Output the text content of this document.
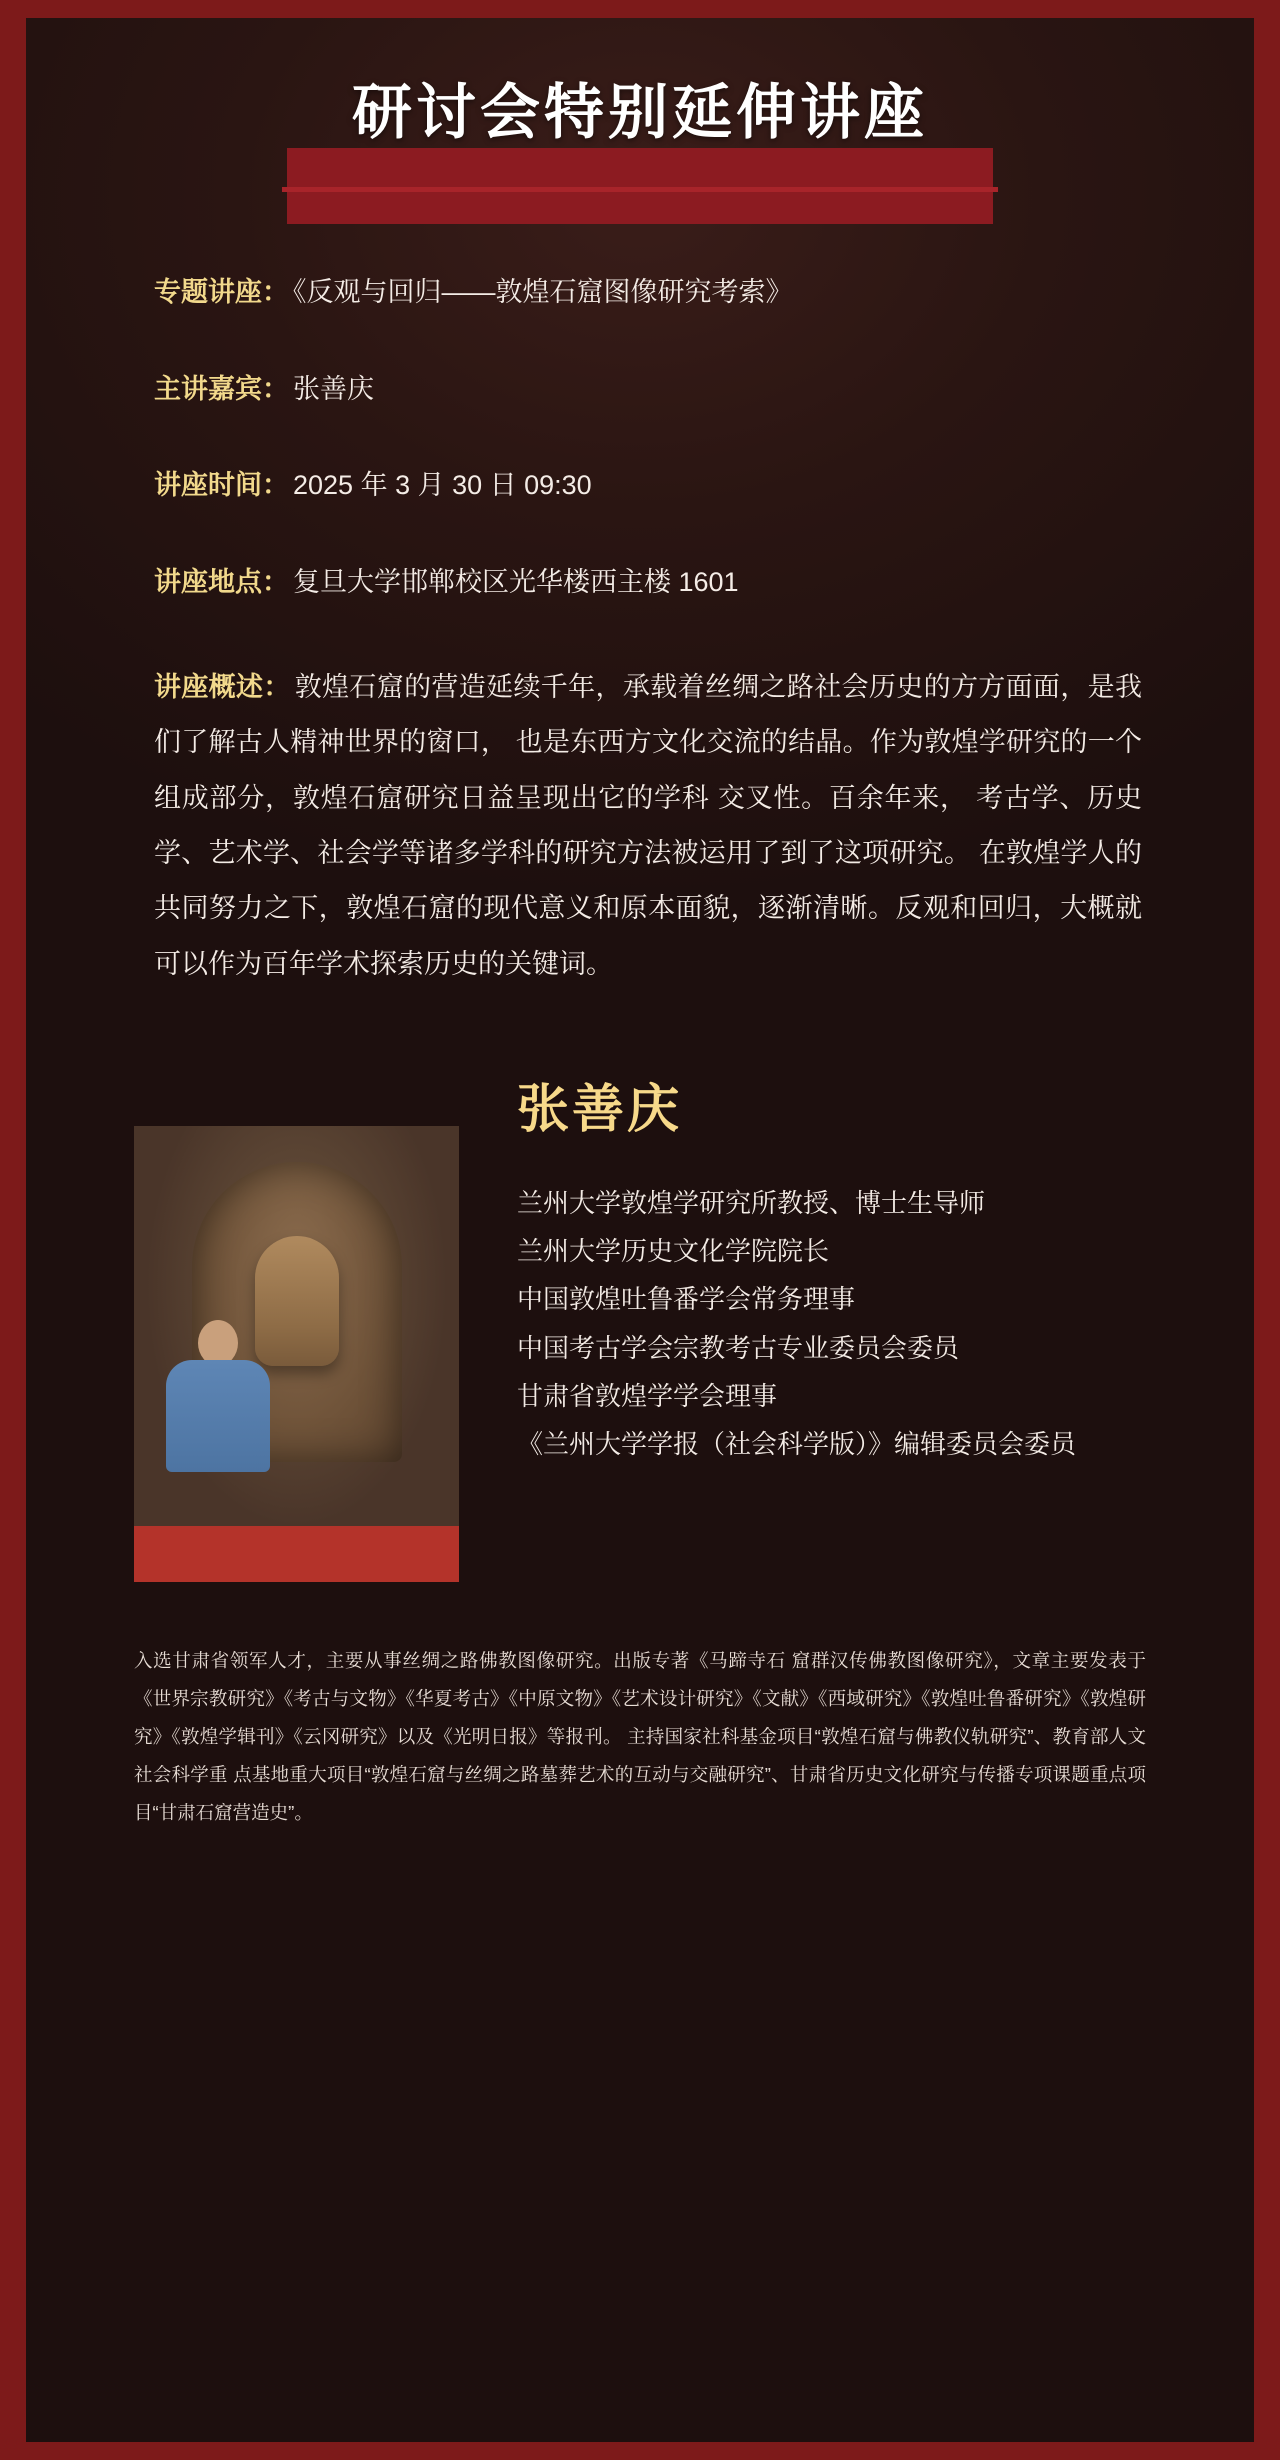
研讨会特别延伸讲座
专题讲座： 《反观与回归——敦煌石窟图像研究考索》
主讲嘉宾： 张善庆
讲座时间： 2025 年 3 月 30 日 09:30
讲座地点： 复旦大学邯郸校区光华楼西主楼 1601
讲座概述： 敦煌石窟的营造延续千年，承载着丝绸之路社会历史的方方面面，是我们了解古人精神世界的窗口， 也是东西方文化交流的结晶。作为敦煌学研究的一个组成部分，敦煌石窟研究日益呈现出它的学科 交叉性。百余年来， 考古学、历史学、艺术学、社会学等诸多学科的研究方法被运用了到了这项研究。 在敦煌学人的共同努力之下，敦煌石窟的现代意义和原本面貌，逐渐清晰。反观和回归，大概就可以作为百年学术探索历史的关键词。
张善庆
兰州大学敦煌学研究所教授、博士生导师
兰州大学历史文化学院院长
中国敦煌吐鲁番学会常务理事
中国考古学会宗教考古专业委员会委员
甘肃省敦煌学学会理事
《兰州大学学报（社会科学版）》编辑委员会委员
入选甘肃省领军人才，主要从事丝绸之路佛教图像研究。出版专著《马蹄寺石 窟群汉传佛教图像研究》，文章主要发表于《世界宗教研究》《考古与文物》《华夏考古》《中原文物》《艺术设计研究》《文献》《西域研究》《敦煌吐鲁番研究》《敦煌研究》《敦煌学辑刊》《云冈研究》以及《光明日报》等报刊。 主持国家社科基金项目“敦煌石窟与佛教仪轨研究”、教育部人文社会科学重 点基地重大项目“敦煌石窟与丝绸之路墓葬艺术的互动与交融研究”、甘肃省历史文化研究与传播专项课题重点项目“甘肃石窟营造史”。
